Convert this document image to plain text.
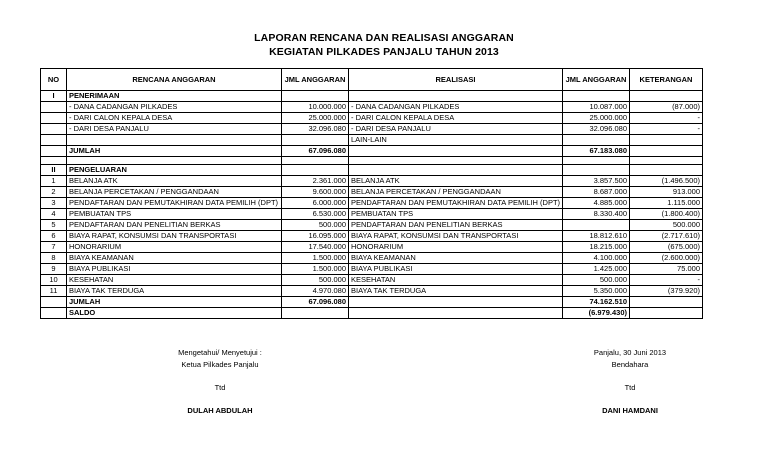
LAPORAN RENCANA DAN REALISASI ANGGARAN
KEGIATAN PILKADES PANJALU TAHUN 2013
NO	RENCANA ANGGARAN	JML ANGGARAN	REALISASI	JML ANGGARAN	KETERANGAN
I	PENERIMAAN				
	- DANA CADANGAN PILKADES	10.000.000	- DANA CADANGAN PILKADES	10.087.000	(87.000)
	- DARI CALON KEPALA DESA	25.000.000	- DARI CALON KEPALA DESA	25.000.000	-
	- DARI DESA PANJALU	32.096.080	- DARI DESA PANJALU	32.096.080	-
			LAIN-LAIN		
	JUMLAH	67.096.080		67.183.080	

II	PENGELUARAN				
1	BELANJA ATK	2.361.000	BELANJA ATK	3.857.500	(1.496.500)
2	BELANJA PERCETAKAN / PENGGANDAAN	9.600.000	BELANJA PERCETAKAN / PENGGANDAAN	8.687.000	913.000
3	PENDAFTARAN DAN PEMUTAKHIRAN DATA PEMILIH (DPT)	6.000.000	PENDAFTARAN DAN PEMUTAKHIRAN DATA PEMILIH (DPT)	4.885.000	1.115.000
4	PEMBUATAN TPS	6.530.000	PEMBUATAN TPS	8.330.400	(1.800.400)
5	PENDAFTARAN DAN PENELITIAN BERKAS	500.000	PENDAFTARAN DAN PENELITIAN BERKAS		500.000
6	BIAYA RAPAT, KONSUMSI DAN TRANSPORTASI	16.095.000	BIAYA RAPAT, KONSUMSI DAN TRANSPORTASI	18.812.610	(2.717.610)
7	HONORARIUM	17.540.000	HONORARIUM	18.215.000	(675.000)
8	BIAYA KEAMANAN	1.500.000	BIAYA KEAMANAN	4.100.000	(2.600.000)
9	BIAYA PUBLIKASI	1.500.000	BIAYA PUBLIKASI	1.425.000	75.000
10	KESEHATAN	500.000	KESEHATAN	500.000	-
11	BIAYA TAK TERDUGA	4.970.080	BIAYA TAK TERDUGA	5.350.000	(379.920)
	JUMLAH	67.096.080		74.162.510	
	SALDO			(6.979.430)	
Mengetahui/ Menyetujui :
Ketua Pilkades Panjalu
Ttd
DULAH ABDULAH
Panjalu, 30 Juni 2013
Bendahara
Ttd
DANI HAMDANI
